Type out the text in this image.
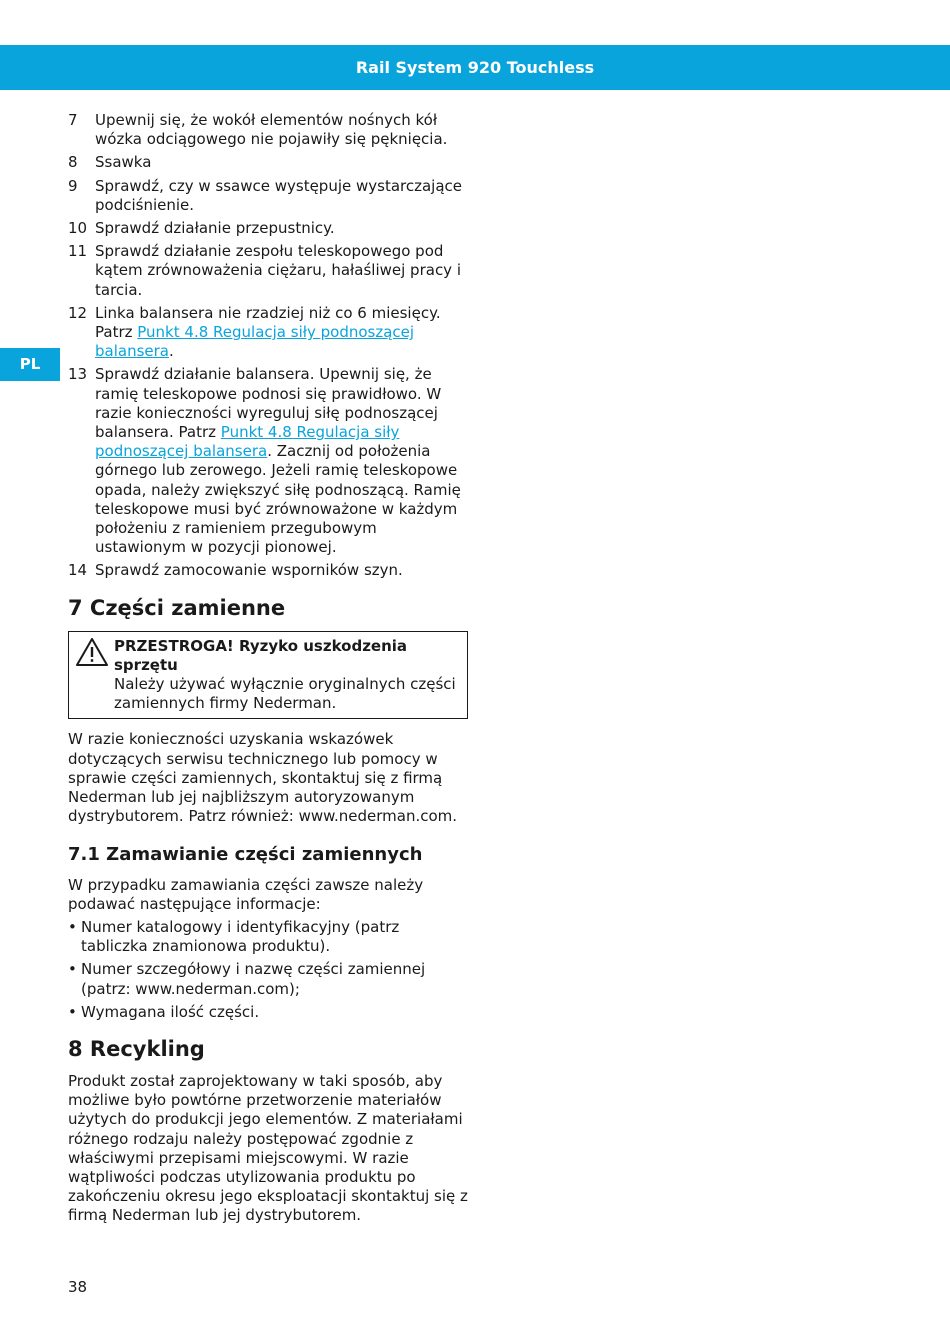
Rail System 920 Touchless
PL
7	Upewnij się, że wokół elementów nośnych kół wózka odciągowego nie pojawiły się pęknięcia.
8	Ssawka
9	Sprawdź, czy w ssawce występuje wystarczające podciśnienie.
10 Sprawdź działanie przepustnicy.
11 Sprawdź działanie zespołu teleskopowego pod kątem zrównoważenia ciężaru, hałaśliwej pracy i tarcia.
12 Linka balansera nie rzadziej niż co 6 miesięcy. Patrz Punkt 4.8 Regulacja siły podnoszącej balansera.
13 Sprawdź działanie balansera. Upewnij się, że ramię teleskopowe podnosi się prawidłowo. W razie konieczności wyreguluj siłę podnoszącej balansera. Patrz Punkt 4.8 Regulacja siły podnoszącej balansera. Zacznij od położenia górnego lub zerowego. Jeżeli ramię teleskopowe opada, należy zwiększyć siłę podnoszącą. Ramię teleskopowe musi być zrównoważone w każdym położeniu z ramieniem przegubowym ustawionym w pozycji pionowej.
14 Sprawdź zamocowanie wsporników szyn.
7 Części zamienne
PRZESTROGA! Ryzyko uszkodzenia sprzętu
Należy używać wyłącznie oryginalnych części zamiennych firmy Nederman.

W razie konieczności uzyskania wskazówek dotyczących serwisu technicznego lub pomocy w sprawie części zamiennych, skontaktuj się z firmą Nederman lub jej najbliższym autoryzowanym dystrybutorem. Patrz również: www.nederman.com.

7.1 Zamawianie części zamiennych

W przypadku zamawiania części zawsze należy podawać następujące informacje:

• Numer katalogowy i identyfikacyjny (patrz tabliczka znamionowa produktu).
• Numer szczegółowy i nazwę części zamiennej (patrz: www.nederman.com);
• Wymagana ilość części.
8 Recykling

Produkt został zaprojektowany w taki sposób, aby możliwe było powtórne przetworzenie materiałów użytych do produkcji jego elementów. Z materiałami różnego rodzaju należy postępować zgodnie z właściwymi przepisami miejscowymi. W razie wątpliwości podczas utylizowania produktu po zakończeniu okresu jego eksploatacji skontaktuj się z firmą Nederman lub jej dystrybutorem.

38
